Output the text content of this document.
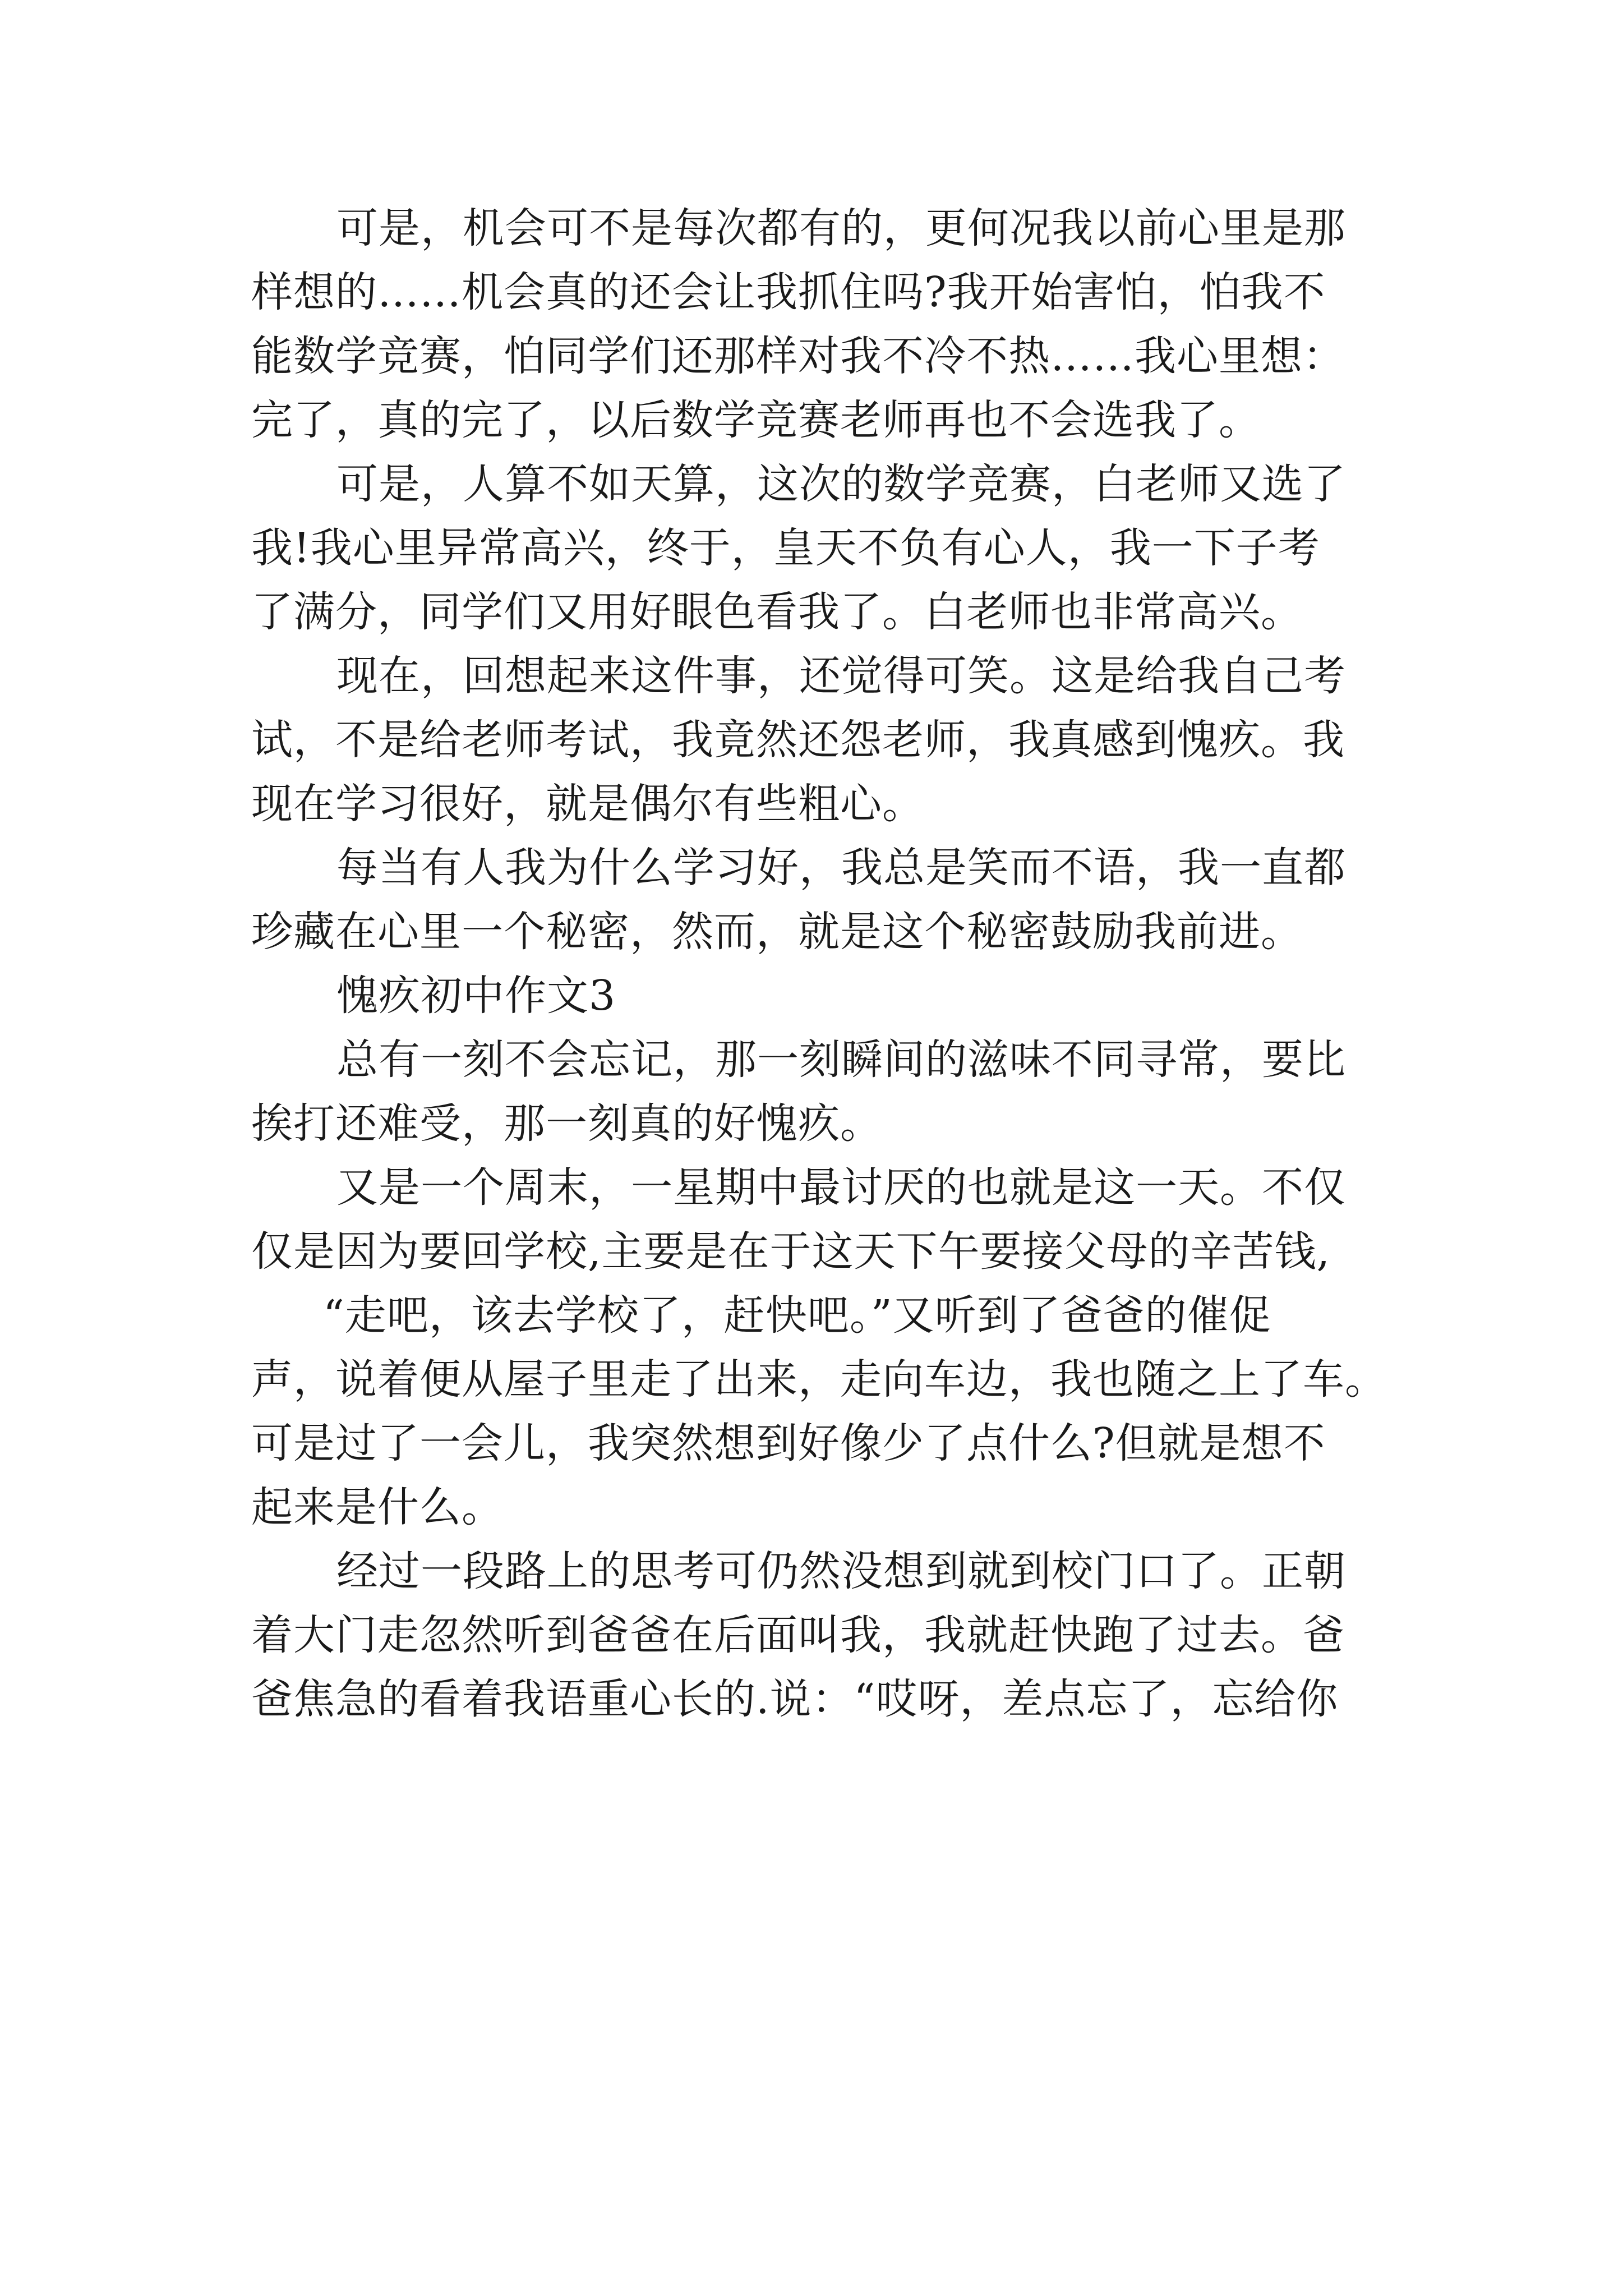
可是，机会可不是每次都有的，更何况我以前心里是那
样想的……机会真的还会让我抓住吗?我开始害怕，怕我不
能数学竞赛，怕同学们还那样对我不冷不热……我心里想：
完了，真的完了，以后数学竞赛老师再也不会选我了。
可是，人算不如天算，这次的数学竞赛，白老师又选了
我!我心里异常高兴，终于，皇天不负有心人，我一下子考
了满分，同学们又用好眼色看我了。白老师也非常高兴。
现在，回想起来这件事，还觉得可笑。这是给我自己考
试，不是给老师考试，我竟然还怨老师，我真感到愧疚。我
现在学习很好，就是偶尔有些粗心。
每当有人我为什么学习好，我总是笑而不语，我一直都
珍藏在心里一个秘密，然而，就是这个秘密鼓励我前进。
愧疚初中作文3
总有一刻不会忘记，那一刻瞬间的滋味不同寻常，要比
挨打还难受，那一刻真的好愧疚。
又是一个周末，一星期中最讨厌的也就是这一天。不仅
仅是因为要回学校,主要是在于这天下午要接父母的辛苦钱,
“走吧，该去学校了，赶快吧。”又听到了爸爸的催促
声，说着便从屋子里走了出来，走向车边，我也随之上了车。
可是过了一会儿，我突然想到好像少了点什么?但就是想不
起来是什么。
经过一段路上的思考可仍然没想到就到校门口了。正朝
着大门走忽然听到爸爸在后面叫我，我就赶快跑了过去。爸
爸焦急的看着我语重心长的.说：“哎呀，差点忘了，忘给你
